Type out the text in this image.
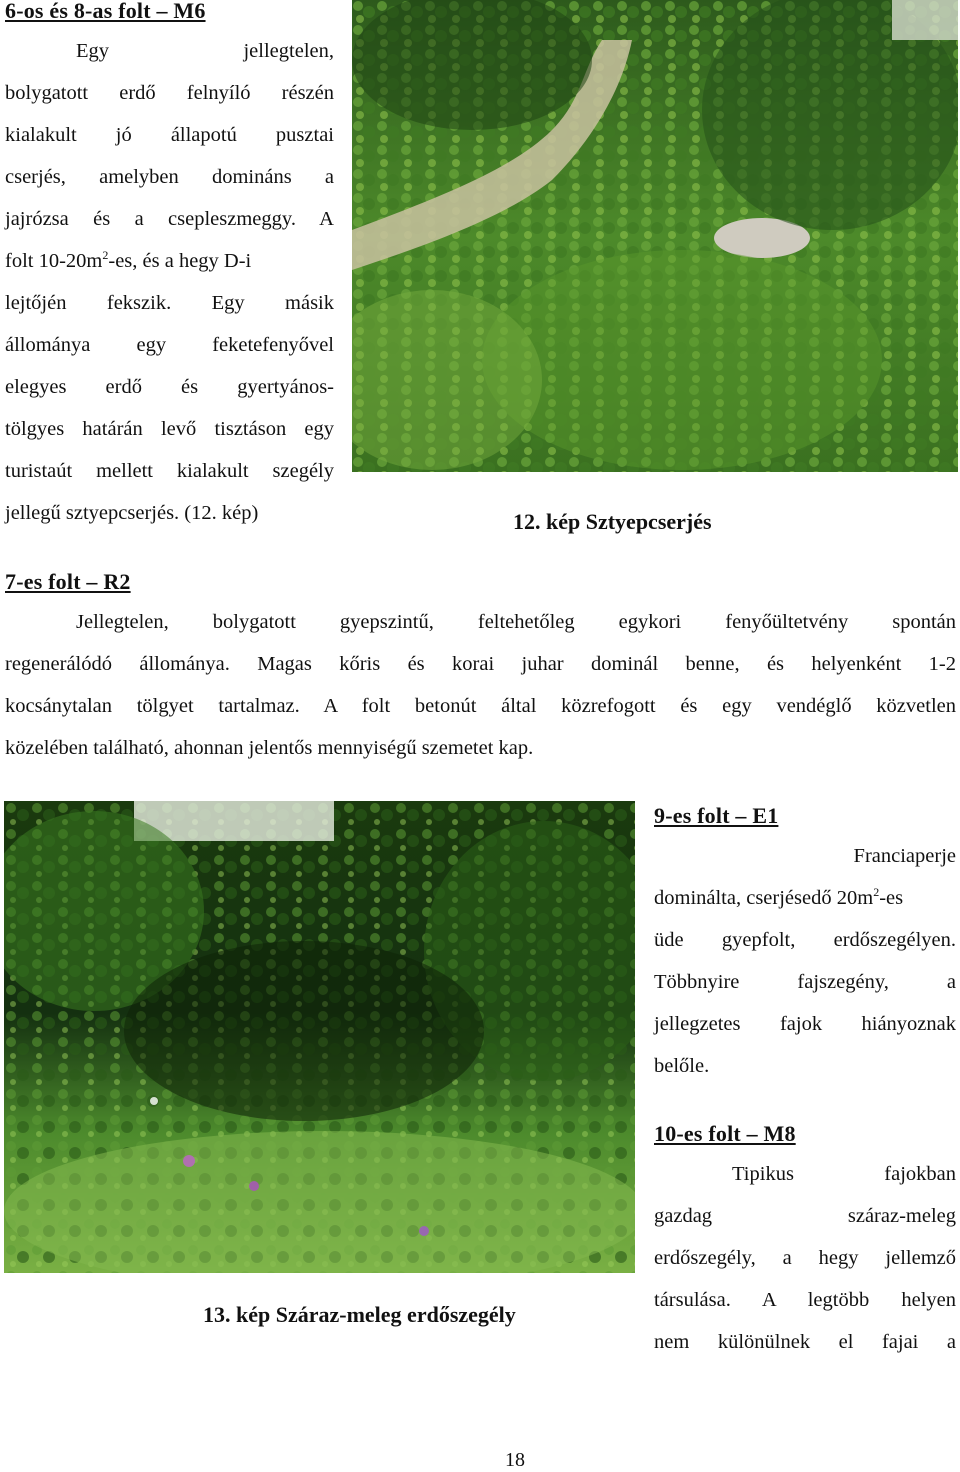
6-os és 8-as folt – M6
Egy jellegtelen,
bolygatott erdő felnyíló részén
kialakult jó állapotú pusztai
cserjés, amelyben domináns a
jajrózsa és a csepleszmeggy. A
folt $10-20m^2-es$, és a hegy D-i
lejtőjén fekszik. Egy másik
állománya egy feketefenyővel
elegyes erdő és gyertyános-
tölgyes határán levő tisztáson egy
turistaút mellett kialakult szegély
jellegű sztyepcserjés. (12. kép)	12. kép Sztyepcserjés
7-es folt – R2
Jellegtelen, bolygatott gyepszintű, feltehetőleg egykori fenyőültetvény spontán
regenerálódó állománya. Magas kőris és korai juhar dominál benne, és helyenként 1-2
kocsánytalan tölgyet tartalmaz. A folt betonút által közrefogott és egy vendéglő közvetlen
közelében található, ahonnan jelentős mennyiségű szemetet kap.
13. kép Száraz-meleg erdőszegély
9-es folt – E1
Franciaperje
dominálta, cserjésedő $20m^2-es$
üde gyepfolt, erdőszegélyen.
Többnyire fajszegény, a
jellegzetes fajok hiányoznak
belőle.
10-es folt – M8
Tipikus fajokban
gazdag száraz-meleg
erdőszegély, a hegy jellemző
társulása. A legtöbb helyen
nem különülnek el fajai a
18
